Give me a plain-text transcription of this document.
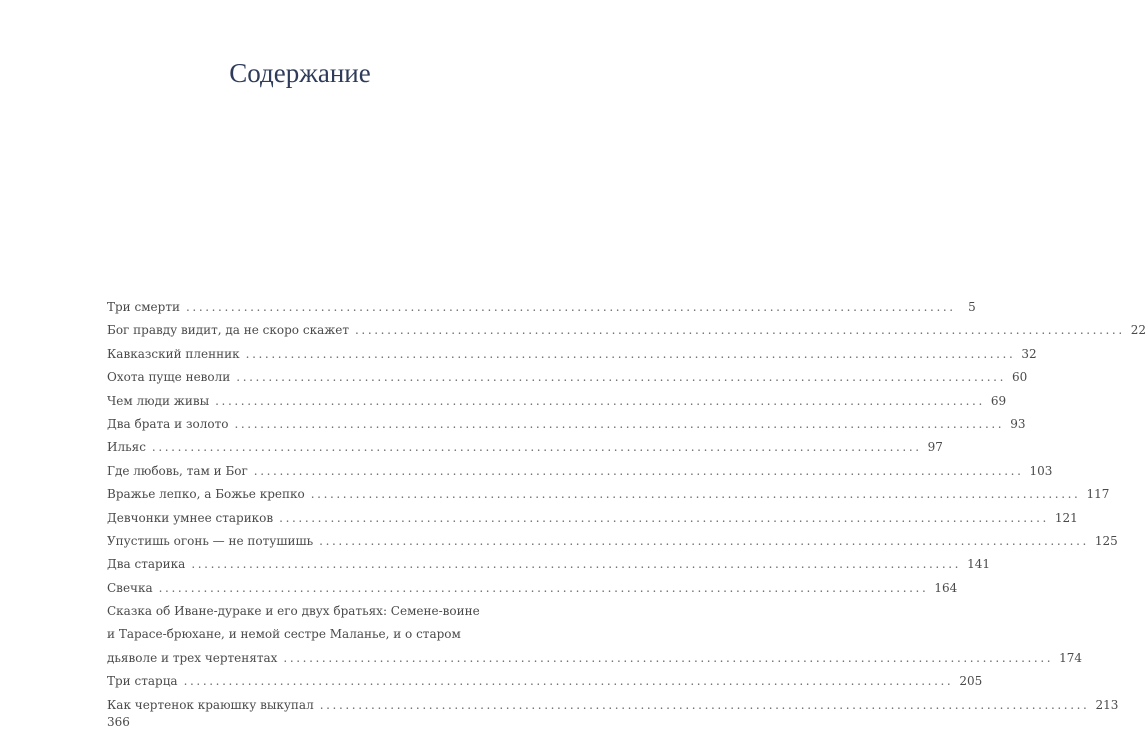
Содержание
Три смерти ........................................................................................................................	5
Бог правду видит, да не скоро скажет ........................................................................................................................ 22
Кавказский пленник ........................................................................................................................ 32
Охота пуще неволи ........................................................................................................................ 60
Чем люди живы ........................................................................................................................ 69
Два брата и золото ........................................................................................................................ 93
Ильяс ........................................................................................................................ 97
Где любовь, там и Бог ........................................................................................................................ 103
Вражье лепко, а Божье крепко ........................................................................................................................ 117
Девчонки умнее стариков ........................................................................................................................ 121
Упустишь огонь — не потушишь ........................................................................................................................ 125
Два старика ........................................................................................................................ 141
Свечка ........................................................................................................................ 164
Сказка об Иване-дураке и его двух братьях: Семене-воине
и Тарасе-брюхане, и немой сестре Маланье, и о старом
дьяволе и трех чертенятах ........................................................................................................................ 174
Три старца ........................................................................................................................ 205
Как чертенок краюшку выкупал ........................................................................................................................ 213
366
